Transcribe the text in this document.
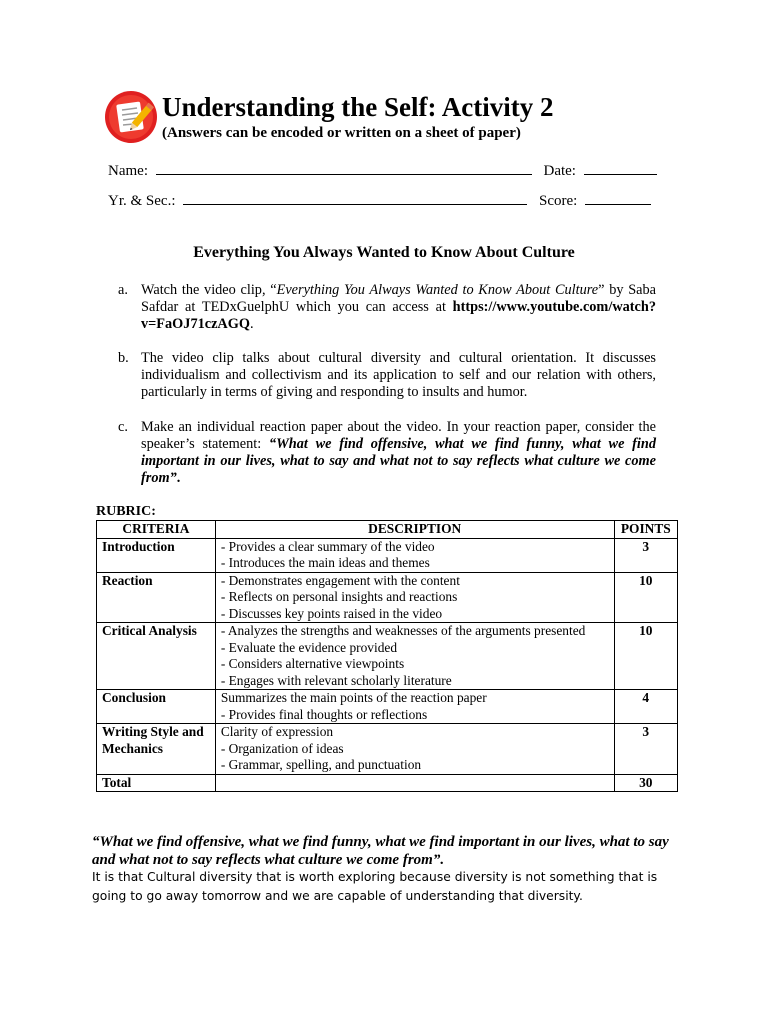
Understanding the Self: Activity 2
(Answers can be encoded or written on a sheet of paper)
Name:	Date:
Yr. & Sec.:	Score:
Everything You Always Wanted to Know About Culture
a. Watch the video clip, “Everything You Always Wanted to Know About Culture” by Saba Safdar at TEDxGuelphU which you can access at https://www.youtube.com/watch?v=FaOJ71czAGQ.
b. The video clip talks about cultural diversity and cultural orientation. It discusses individualism and collectivism and its application to self and our relation with others, particularly in terms of giving and responding to insults and humor.
c. Make an individual reaction paper about the video. In your reaction paper, consider the speaker’s statement: “What we find offensive, what we find funny, what we find important in our lives, what to say and what not to say reflects what culture we come from”.
RUBRIC:
CRITERIA	DESCRIPTION	POINTS
Introduction	- Provides a clear summary of the video
- Introduces the main ideas and themes	3
Reaction	- Demonstrates engagement with the content
- Reflects on personal insights and reactions
- Discusses key points raised in the video	10
Critical Analysis	- Analyzes the strengths and weaknesses of the arguments presented
- Evaluate the evidence provided
- Considers alternative viewpoints
- Engages with relevant scholarly literature	10
Conclusion	Summarizes the main points of the reaction paper
- Provides final thoughts or reflections	4
Writing Style and Mechanics	Clarity of expression
- Organization of ideas
- Grammar, spelling, and punctuation	3
Total		30
“What we find offensive, what we find funny, what we find important in our lives, what to say and what not to say reflects what culture we come from”.
It is that Cultural diversity that is worth exploring because diversity is not something that is going to go away tomorrow and we are capable of understanding that diversity.
